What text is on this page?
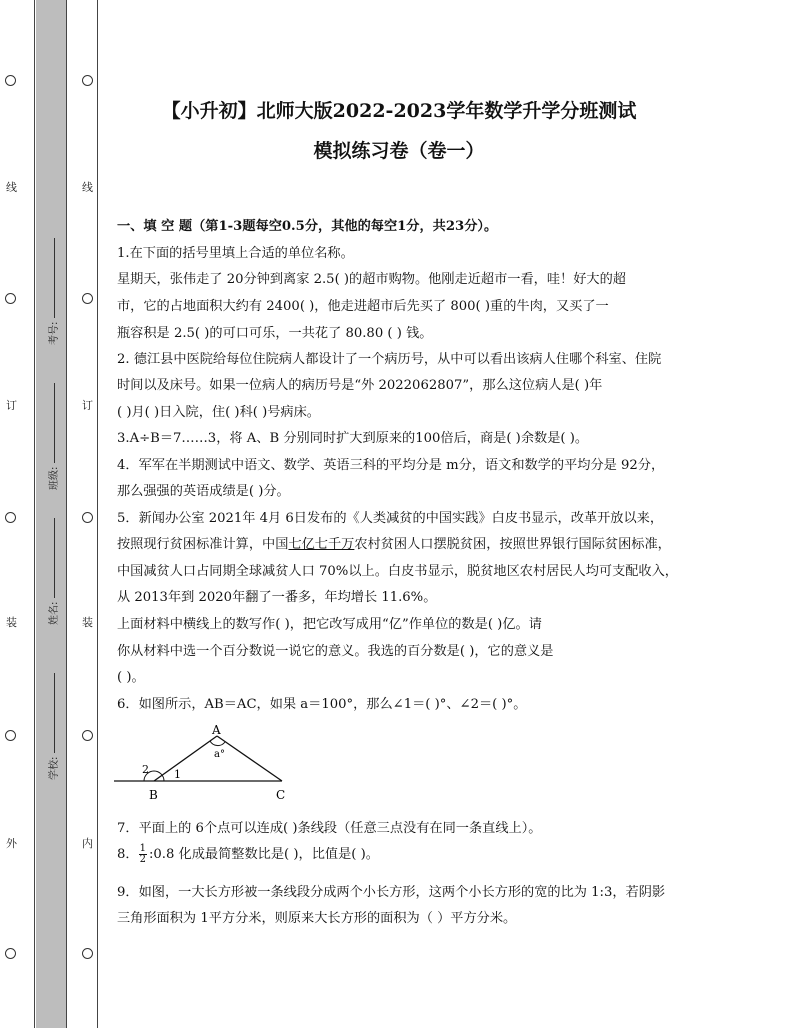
线
订
装
外
线
订
装
内
考号:
班级:
姓名:
学校:
【小升初】北师大版2022-2023学年数学升学分班测试
模拟练习卷（卷一）
一、填 空 题（第1-3题每空0.5分，其他的每空1分，共23分）。
1.在下面的括号里填上合适的单位名称。
星期天，张伟走了 20分钟到离家 2.5( )的超市购物。他刚走近超市一看，哇！好大的超
市，它的占地面积大约有 2400( )，他走进超市后先买了 800( )重的牛肉，又买了一
瓶容积是 2.5( )的可口可乐，一共花了 80.80 ( ) 钱。
2. 德江县中医院给每位住院病人都设计了一个病历号，从中可以看出该病人住哪个科室、住院
时间以及床号。如果一位病人的病历号是“外 2022062807”，那么这位病人是( )年
( )月( )日入院，住( )科( )号病床。
3.A÷B＝7……3，将 A、B 分别同时扩大到原来的100倍后，商是( )余数是( )。
4．军军在半期测试中语文、数学、英语三科的平均分是 m分，语文和数学的平均分是 92分，
那么强强的英语成绩是( )分。
5．新闻办公室 2021年 4月 6日发布的《人类减贫的中国实践》白皮书显示，改革开放以来，
按照现行贫困标准计算，中国七亿七千万农村贫困人口摆脱贫困，按照世界银行国际贫困标准，
中国减贫人口占同期全球减贫人口 70%以上。白皮书显示，脱贫地区农村居民人均可支配收入，
从 2013年到 2020年翻了一番多，年均增长 11.6%。
上面材料中横线上的数写作( )，把它改写成用“亿”作单位的数是( )亿。请
你从材料中选一个百分数说一说它的意义。我选的百分数是( )，它的意义是
( )。
6．如图所示，AB＝AC，如果 a＝100°，那么∠1＝( )°、∠2＝( )°。
A
a°
B	C
1
2
7．平面上的 6个点可以连成( )条线段（任意三点没有在同一条直线上）。
8． $\frac{1}{2}$ :0.8 化成最简整数比是( )，比值是( )。
9．如图，一大长方形被一条线段分成两个小长方形，这两个小长方形的宽的比为 1:3，若阴影
三角形面积为 1平方分米，则原来大长方形的面积为（ ）平方分米。
